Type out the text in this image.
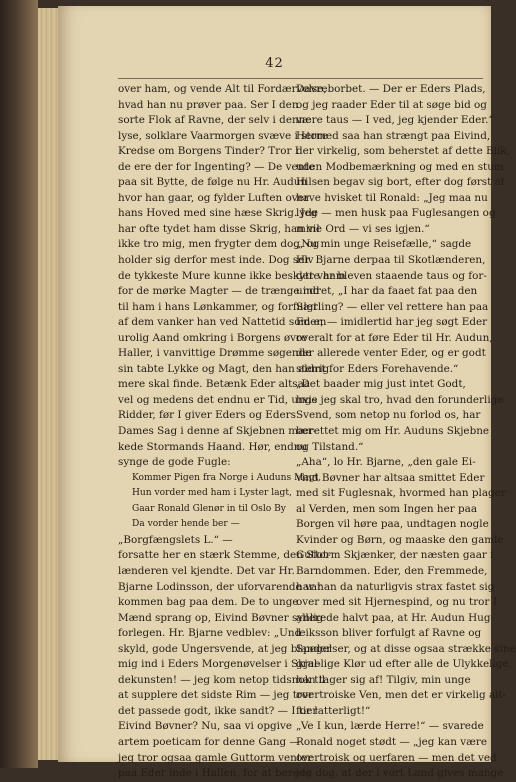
42
over ham, og vende Alt til Fordærvelse,
hvad han nu prøver paa. Ser I den
sorte Flok af Ravne, der selv i denne
lyse, solklare Vaarmorgen svæve i store
Kredse om Borgens Tinder? Tror I
de ere der for Ingenting? — De vente
paa sit Bytte, de følge nu Hr. Audun
hvor han gaar, og fylder Luften over
hans Hoved med sine hæse Skrig. Jeg
har ofte tydet ham disse Skrig, han vil
ikke tro mig, men frygter dem dog, og
holder sig derfor mest inde. Dog selv
de tykkeste Mure kunne ikke beskytte ham
for de mørke Magter — de trænge ind
til ham i hans Lønkammer, og forfulgt
af dem vanker han ved Nattetid som en
urolig Aand omkring i Borgens øvre
Haller, i vanvittige Drømme søgende
sin tabte Lykke og Magt, den han aldrig
mere skal finde. Betænk Eder altsaa
vel og medens det endnu er Tid, unge
Ridder, før I giver Eders og Eders
Dames Sag i denne af Skjebnen mær-
kede Stormands Haand. Hør, endnu
synge de gode Fugle:
Kommer Pigen fra Norge i Auduns Magt,
Hun vorder med ham i Lyster lagt,
Gaar Ronald Glenør in til Oslo By
Da vorder hende ber —
„Borgfængslets L.“ —
forsatte her en stærk Stemme, den Slot-
lænderen vel kjendte. Det var Hr.
Bjarne Lodinsson, der uforvarende var
kommen bag paa dem. De to unge
Mænd sprang op, Eivind Bøvner synlig
forlegen. Hr. Bjarne vedblev: „Und
skyld, gode Ungersvende, at jeg blander
mig ind i Eders Morgenøvelser i Skjal-
dekunsten! — jeg kom netop tidsnok til
at supplere det sidste Rim — jeg tror
det passede godt, ikke sandt? — I tier
Eivind Bøvner? Nu, saa vi opgive
artem poeticam for denne Gang —
jeg tror ogsaa gamle Guttorm venter
paa Eder inde i Hallen, for at berede
Davreborbet. — Der er Eders Plads,
og jeg raader Eder til at søge bid og
være taus — I ved, jeg kjender Eder.“
Hermed saa han strængt paa Eivind,
der virkelig, som beherstet af dette Blik,
uden Modbemærkning og med en stum
Hilsen begav sig bort, efter dog først at
have hvisket til Ronald: „Jeg maa nu
lyde — men husk paa Fuglesangen og
mine Ord — vi ses igjen.“
„Nu min unge Reisefælle,“ sagde
Hr. Bjarne derpaa til Skotlænderen,
der var bleven staaende taus og for-
undret, „I har da faaet fat paa den
Særling? — eller vel rettere han paa
Eder, — imidlertid har jeg søgt Eder
overalt for at føre Eder til Hr. Audun,
der allerede venter Eder, og er godt
stemt for Eders Forehavende.“
„Det baader mig just intet Godt,
hvis jeg skal tro, hvad den forunderlige
Svend, som netop nu forlod os, har
berettet mig om Hr. Auduns Skjebne
og Tilstand.“
„Aha“, lo Hr. Bjarne, „den gale Ei-
vind Bøvner har altsaa smittet Eder
med sit Fuglesnak, hvormed han plager
al Verden, men som Ingen her paa
Borgen vil høre paa, undtagen nogle
Kvinder og Børn, og maaske den gamle
Guttorm Skjænker, der næsten gaar i
Barndommen. Eder, den Fremmede,
har han da naturligvis strax fastet sig
over med sit Hjernespind, og nu tror I
allerede halvt paa, at Hr. Audun Hug-
leiksson bliver forfulgt af Ravne og
Spøgelser, og at disse ogsaa strække sine
gruelige Klør ud efter alle de Ulykkelige,
han tager sig af! Tilgiv, min unge
overtroiske Ven, men det er virkelig alt-
for latterligt!“
„Ve I kun, lærde Herre!“ — svarede
Ronald noget stødt — „jeg kan være
overtroisk og uerfaren — men det ved
jeg dog, at der i vort Land gives mange
